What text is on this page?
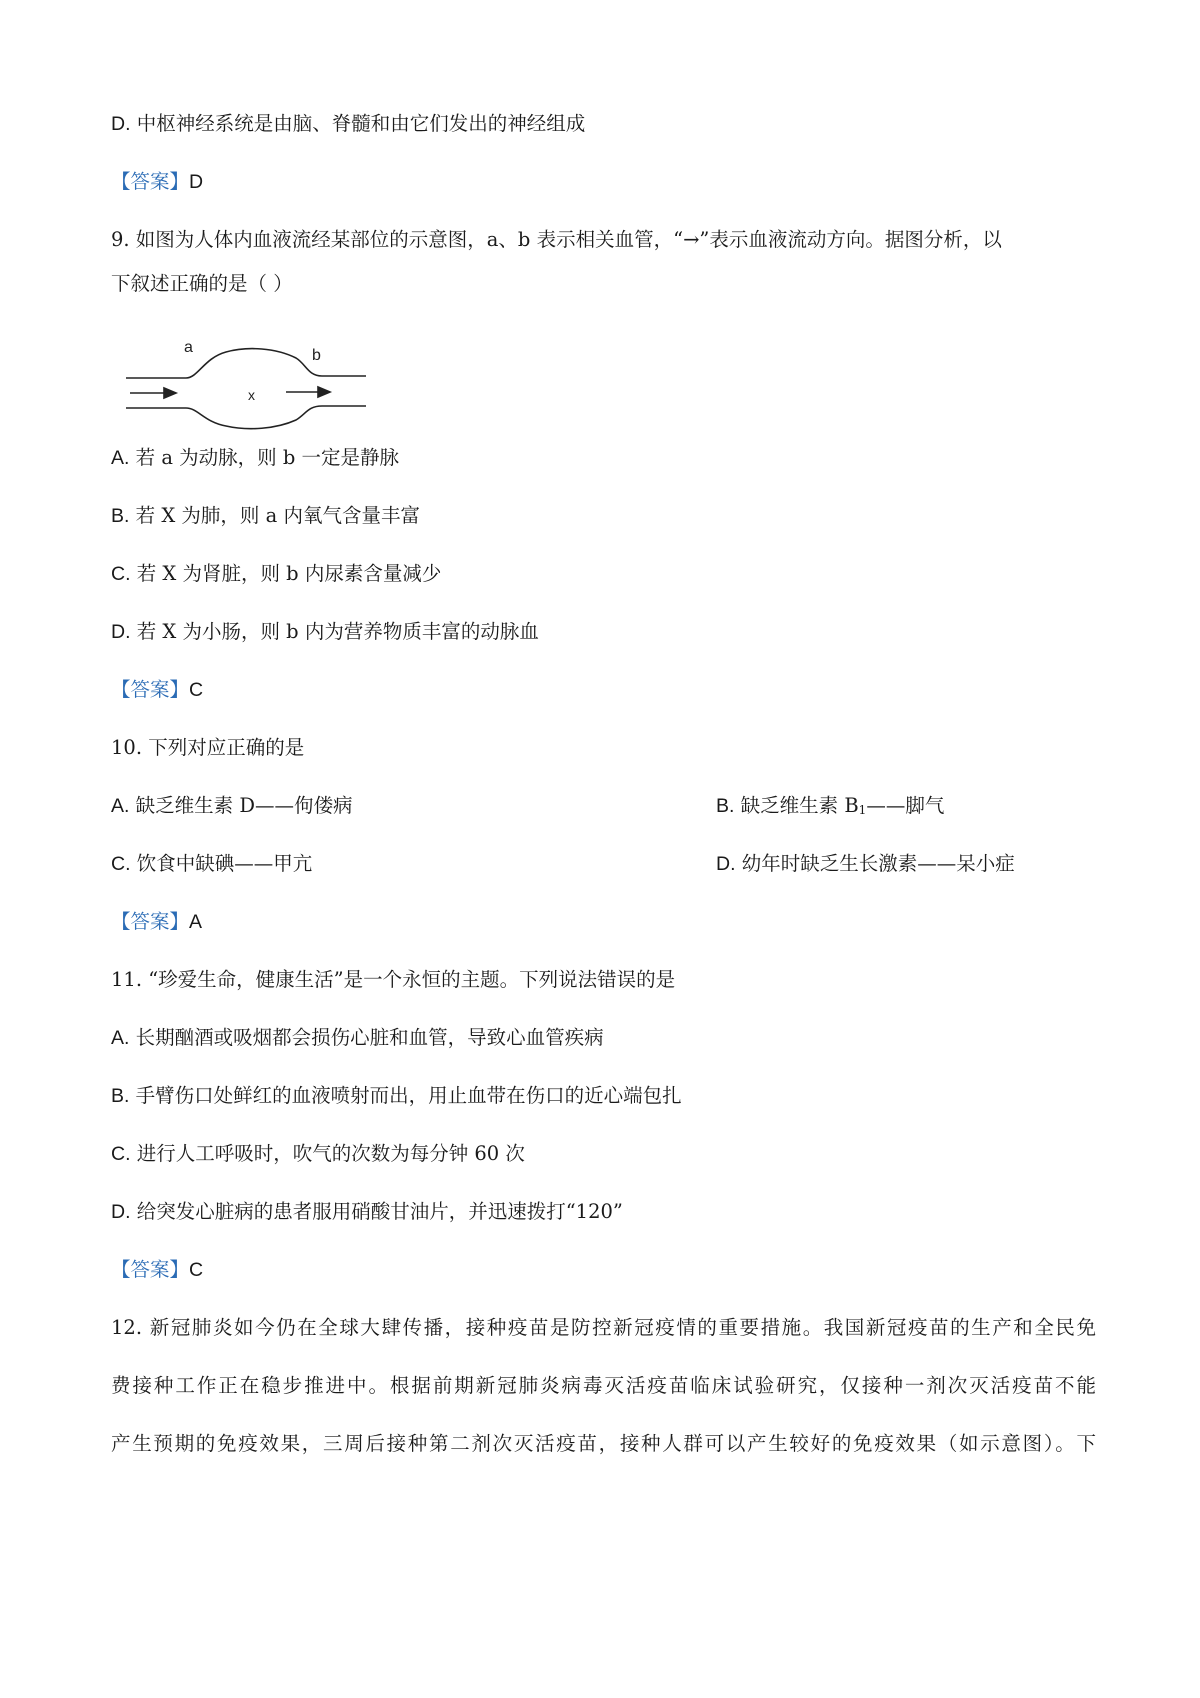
D. 中枢神经系统是由脑、脊髓和由它们发出的神经组成
【答案】D
9. 如图为人体内血液流经某部位的示意图，a、b 表示相关血管，“→”表示血液流动方向。据图分析，以
下叙述正确的是（ ）
a	b
x
A. 若 a 为动脉，则 b 一定是静脉
B. 若 X 为肺，则 a 内氧气含量丰富
C. 若 X 为肾脏，则 b 内尿素含量减少
D. 若 X 为小肠，则 b 内为营养物质丰富的动脉血
【答案】C
10. 下列对应正确的是
A. 缺乏维生素 D——佝偻病	B. 缺乏维生素 $B_1——$脚气
C. 饮食中缺碘——甲亢	D. 幼年时缺乏生长激素——呆小症
【答案】A
11. “珍爱生命，健康生活”是一个永恒的主题。下列说法错误的是
A. 长期酗酒或吸烟都会损伤心脏和血管，导致心血管疾病
B. 手臂伤口处鲜红的血液喷射而出，用止血带在伤口的近心端包扎
C. 进行人工呼吸时，吹气的次数为每分钟 60 次
D. 给突发心脏病的患者服用硝酸甘油片，并迅速拨打“120”
【答案】C
12. 新冠肺炎如今仍在全球大肆传播，接种疫苗是防控新冠疫情的重要措施。我国新冠疫苗的生产和全民免
费接种工作正在稳步推进中。根据前期新冠肺炎病毒灭活疫苗临床试验研究，仅接种一剂次灭活疫苗不能
产生预期的免疫效果，三周后接种第二剂次灭活疫苗，接种人群可以产生较好的免疫效果（如示意图）。下
